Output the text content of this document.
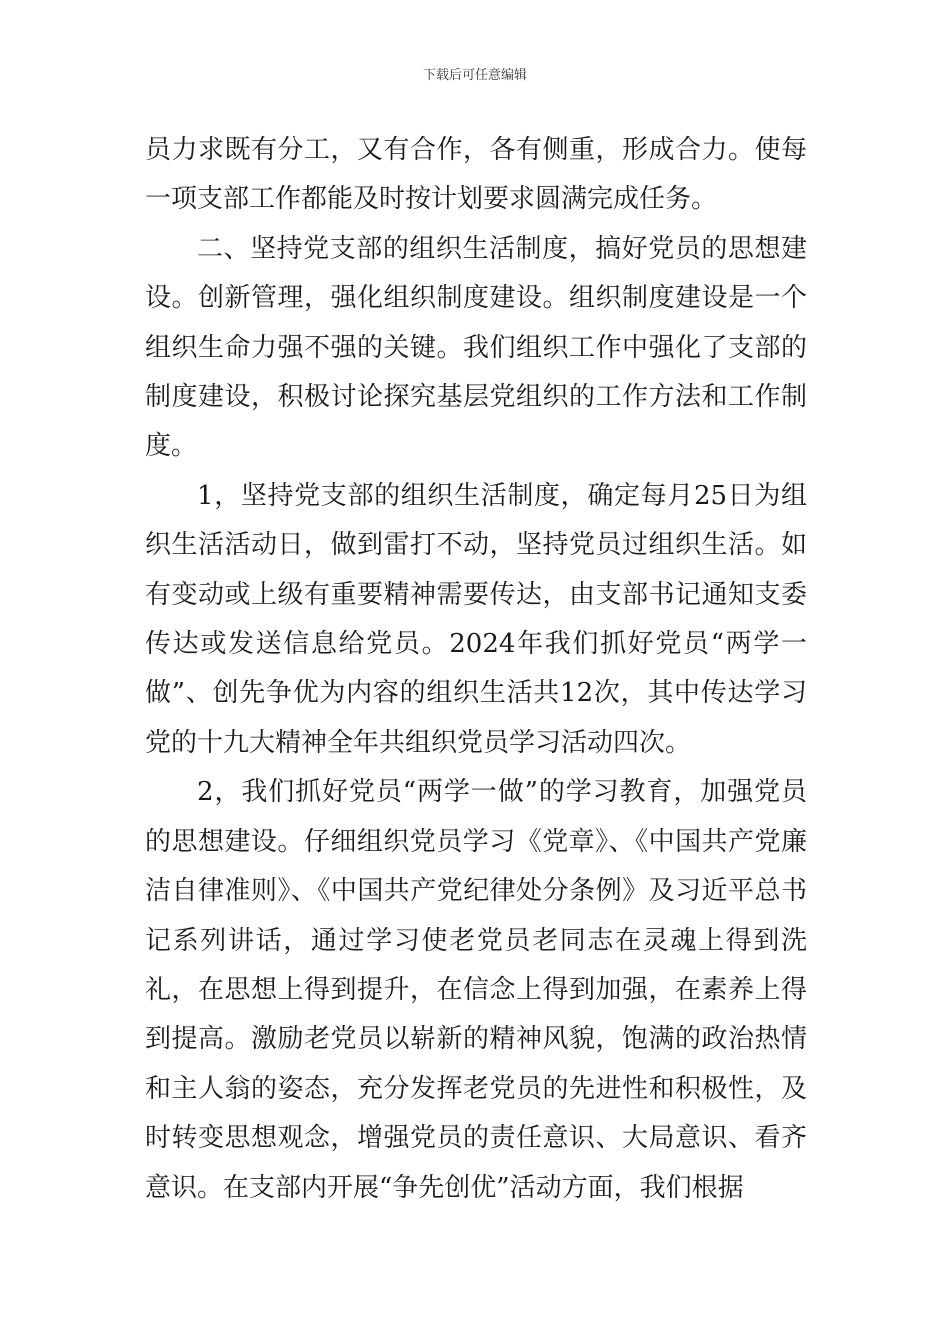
下载后可任意编辑

员力求既有分工，又有合作，各有侧重，形成合力。使每一项支部工作都能及时按计划要求圆满完成任务。

二、坚持党支部的组织生活制度，搞好党员的思想建设。创新管理，强化组织制度建设。组织制度建设是一个组织生命力强不强的关键。我们组织工作中强化了支部的制度建设，积极讨论探究基层党组织的工作方法和工作制度。

1，坚持党支部的组织生活制度，确定每月25日为组织生活活动日，做到雷打不动，坚持党员过组织生活。如有变动或上级有重要精神需要传达，由支部书记通知支委传达或发送信息给党员。2024年我们抓好党员“两学一做”、创先争优为内容的组织生活共12次，其中传达学习党的十九大精神全年共组织党员学习活动四次。

2，我们抓好党员“两学一做”的学习教育，加强党员的思想建设。仔细组织党员学习《党章》、《中国共产党廉洁自律准则》、《中国共产党纪律处分条例》及习近平总书记系列讲话，通过学习使老党员老同志在灵魂上得到洗礼，在思想上得到提升，在信念上得到加强，在素养上得到提高。激励老党员以崭新的精神风貌，饱满的政治热情和主人翁的姿态，充分发挥老党员的先进性和积极性，及时转变思想观念，增强党员的责任意识、大局意识、看齐意识。在支部内开展“争先创优”活动方面，我们根据
